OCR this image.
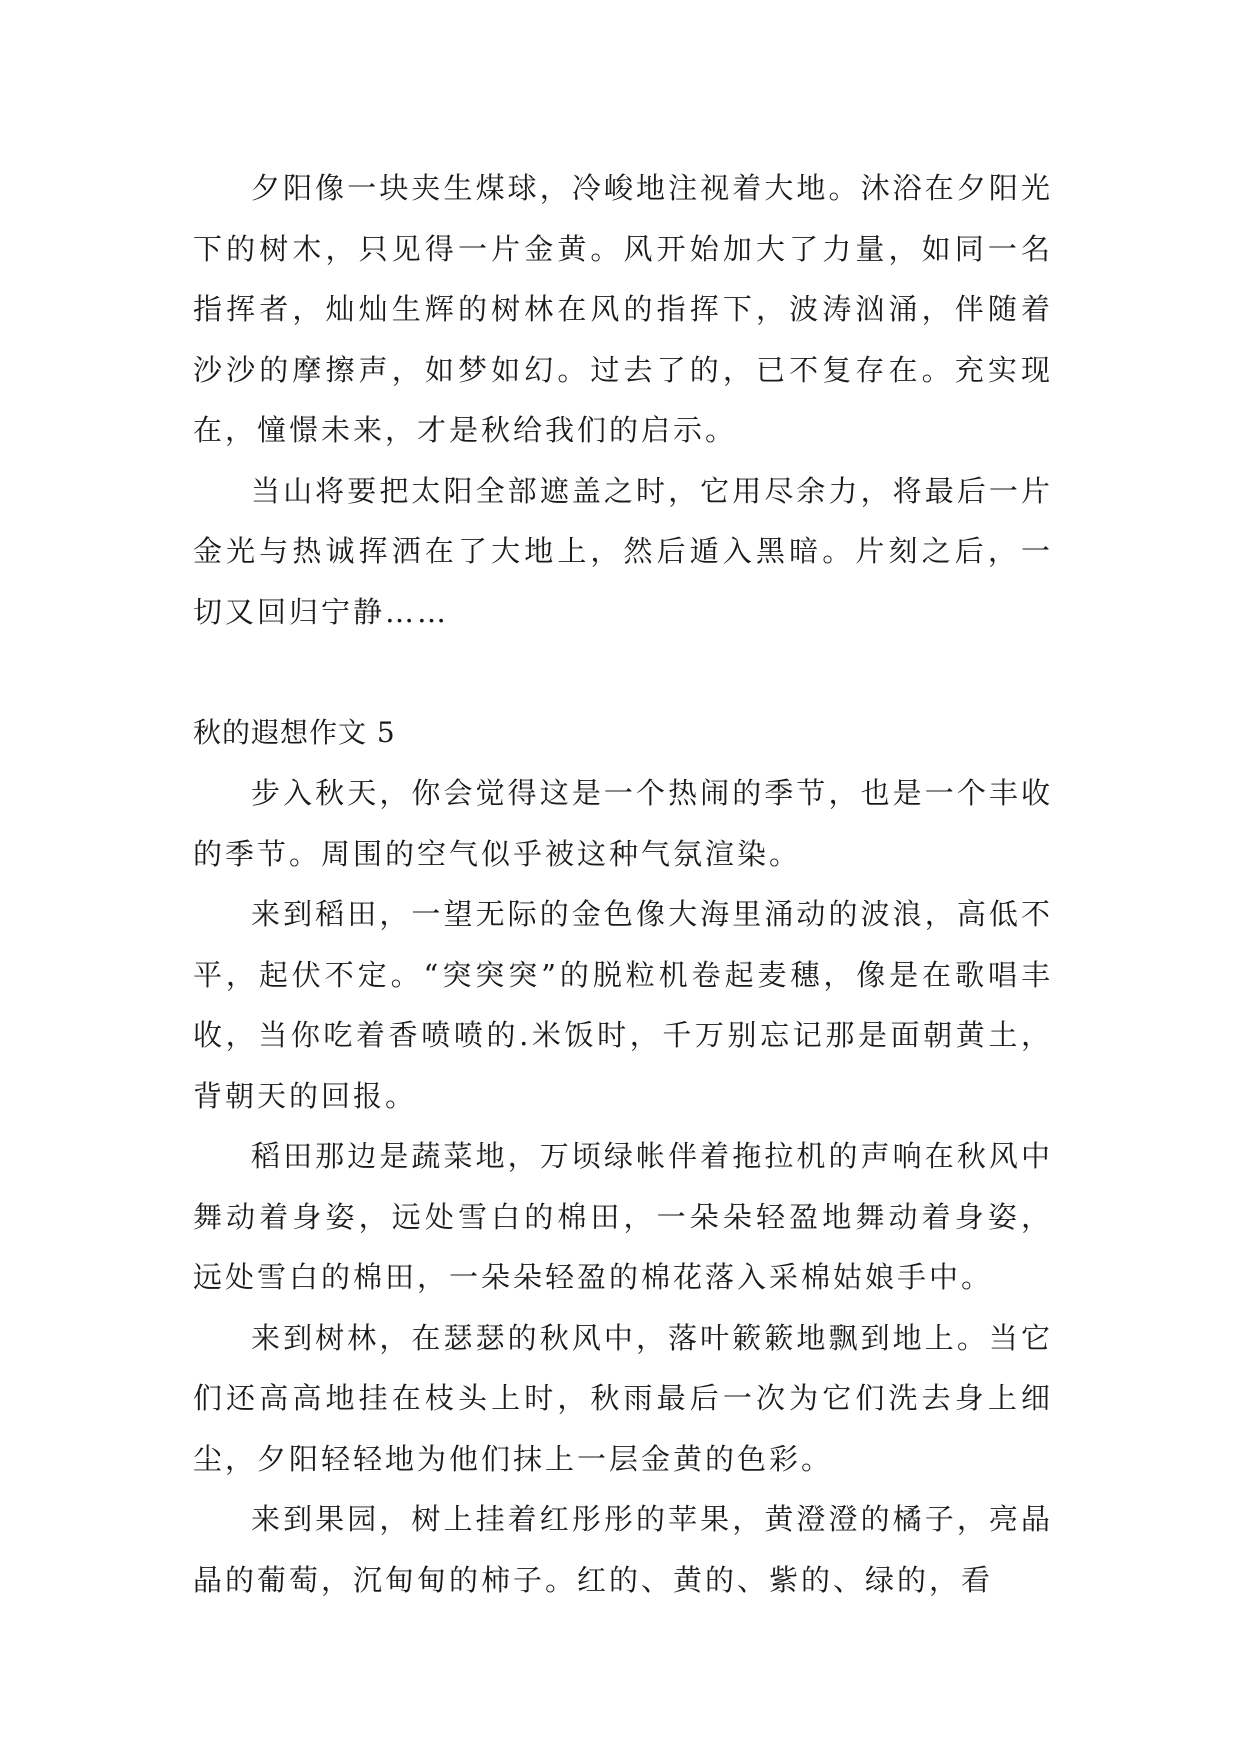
夕阳像一块夹生煤球，冷峻地注视着大地。沐浴在夕阳光下的树木，只见得一片金黄。风开始加大了力量，如同一名指挥者，灿灿生辉的树林在风的指挥下，波涛汹涌，伴随着沙沙的摩擦声，如梦如幻。过去了的，已不复存在。充实现在，憧憬未来，才是秋给我们的启示。

当山将要把太阳全部遮盖之时，它用尽余力，将最后一片金光与热诚挥洒在了大地上，然后遁入黑暗。片刻之后，一切又回归宁静……

秋的遐想作文 5

步入秋天，你会觉得这是一个热闹的季节，也是一个丰收的季节。周围的空气似乎被这种气氛渲染。

来到稻田，一望无际的金色像大海里涌动的波浪，高低不平，起伏不定。“突突突”的脱粒机卷起麦穗，像是在歌唱丰收，当你吃着香喷喷的.米饭时，千万别忘记那是面朝黄土，背朝天的回报。

稻田那边是蔬菜地，万顷绿帐伴着拖拉机的声响在秋风中舞动着身姿，远处雪白的棉田，一朵朵轻盈地舞动着身姿，远处雪白的棉田，一朵朵轻盈的棉花落入采棉姑娘手中。

来到树林，在瑟瑟的秋风中，落叶簌簌地飘到地上。当它们还高高地挂在枝头上时，秋雨最后一次为它们洗去身上细尘，夕阳轻轻地为他们抹上一层金黄的色彩。

来到果园，树上挂着红彤彤的苹果，黄澄澄的橘子，亮晶晶的葡萄，沉甸甸的柿子。红的、黄的、紫的、绿的，看
